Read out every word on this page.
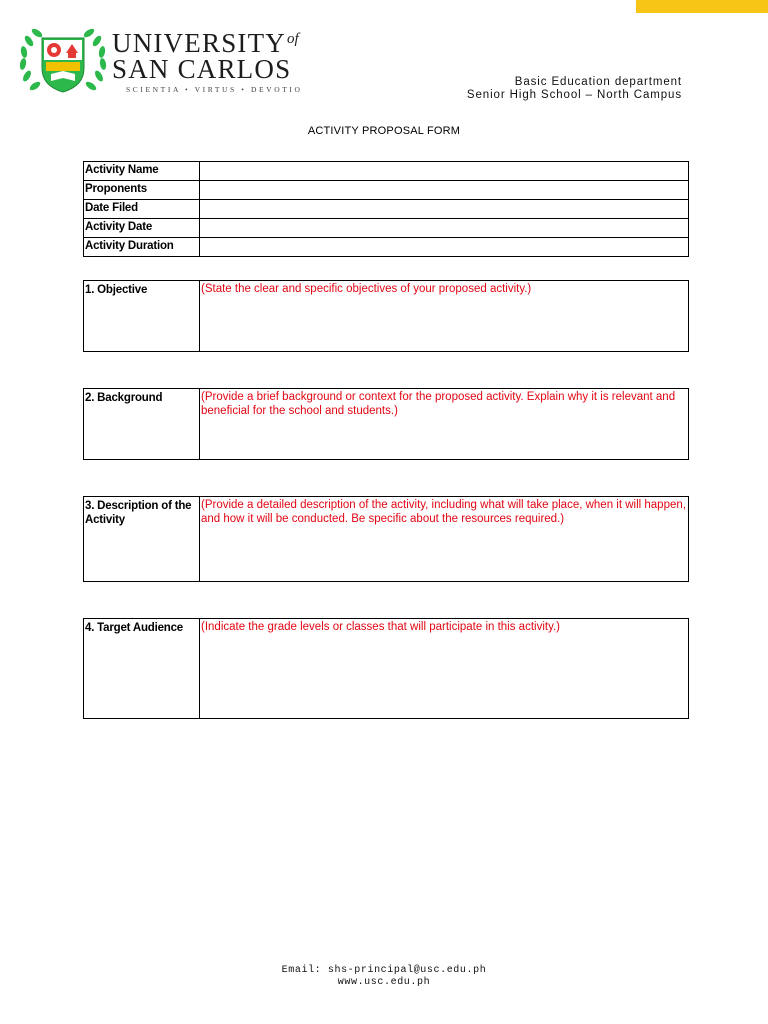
$UNIVERSITY^{of}$
SAN CARLOS
SCIENTIA • VIRTUS • DEVOTIO
Basic Education department
Senior High School – North Campus
ACTIVITY PROPOSAL FORM
Activity Name	
Proponents	
Date Filed	
Activity Date	
Activity Duration	
1. Objective	(State the clear and specific objectives of your proposed activity.)
2. Background	(Provide a brief background or context for the proposed activity. Explain why it is relevant and beneficial for the school and students.)
3. Description of the Activity	(Provide a detailed description of the activity, including what will take place, when it will happen, and how it will be conducted. Be specific about the resources required.)
4. Target Audience	(Indicate the grade levels or classes that will participate in this activity.)
Email: shs-principal@usc.edu.ph
www.usc.edu.ph
